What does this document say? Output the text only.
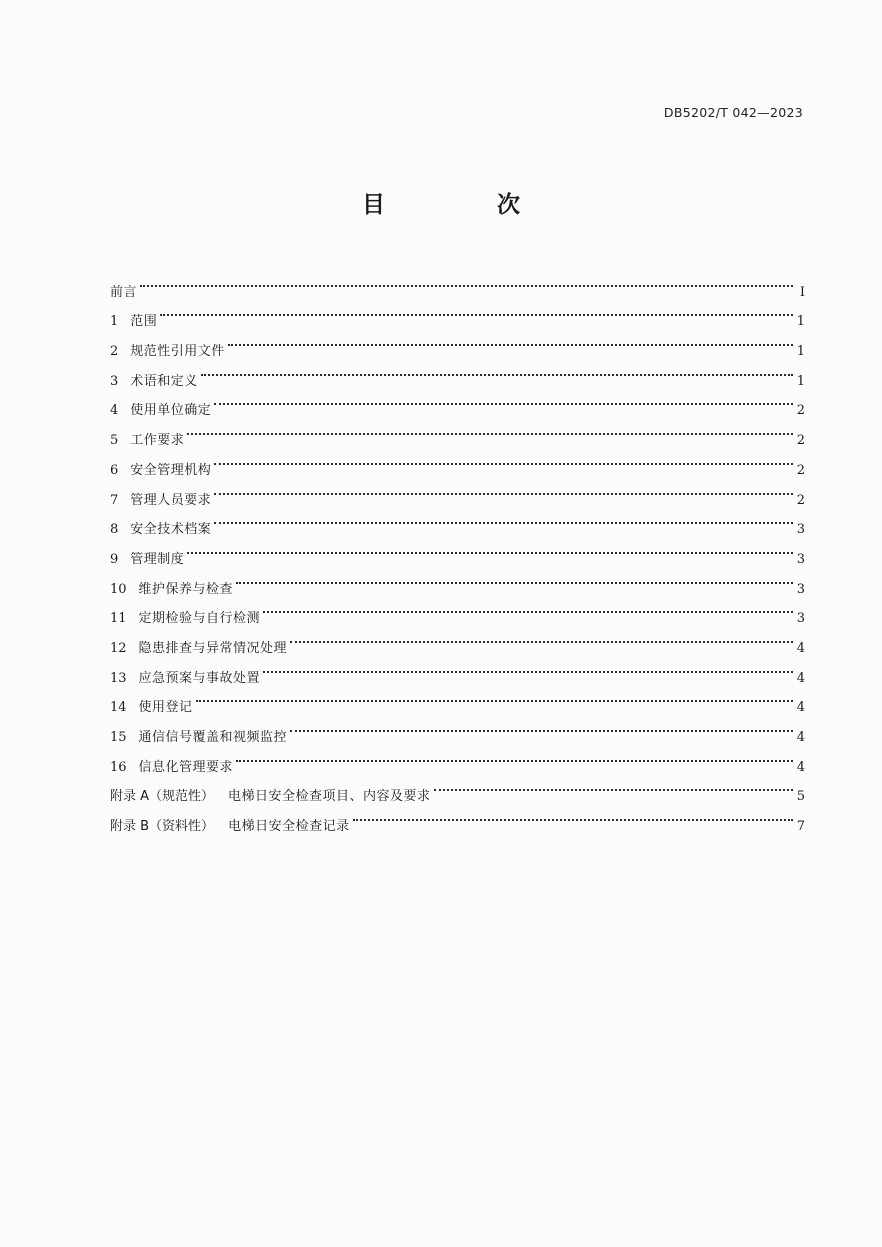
DB5202/T 042—2023
目 次
前言	I
1 范围	1
2 规范性引用文件	1
3 术语和定义	1
4 使用单位确定	2
5 工作要求	2
6 安全管理机构	2
7 管理人员要求	2
8 安全技术档案	3
9 管理制度	3
10 维护保养与检查	3
11 定期检验与自行检测	3
12 隐患排查与异常情况处理	4
13 应急预案与事故处置	4
14 使用登记	4
15 通信信号覆盖和视频监控	4
16 信息化管理要求	4
附录 A（规范性）	电梯日安全检查项目、内容及要求	5
附录 B（资料性）	电梯日安全检查记录	7
